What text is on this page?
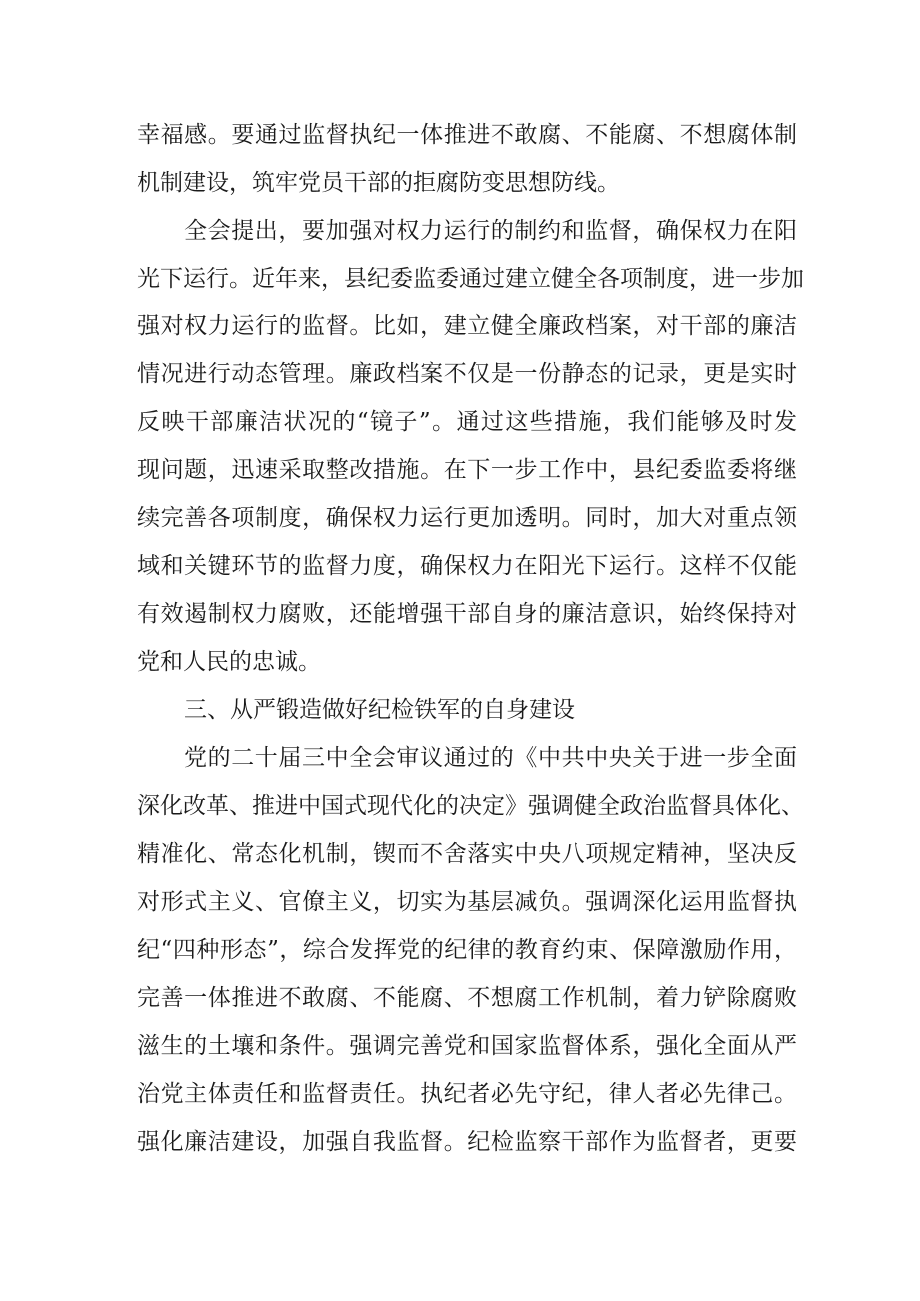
幸福感。要通过监督执纪一体推进不敢腐、不能腐、不想腐体制
机制建设，筑牢党员干部的拒腐防变思想防线。
全会提出，要加强对权力运行的制约和监督，确保权力在阳
光下运行。近年来，县纪委监委通过建立健全各项制度，进一步加
强对权力运行的监督。比如，建立健全廉政档案，对干部的廉洁
情况进行动态管理。廉政档案不仅是一份静态的记录，更是实时
反映干部廉洁状况的“镜子”。通过这些措施，我们能够及时发
现问题，迅速采取整改措施。在下一步工作中，县纪委监委将继
续完善各项制度，确保权力运行更加透明。同时，加大对重点领
域和关键环节的监督力度，确保权力在阳光下运行。这样不仅能
有效遏制权力腐败，还能增强干部自身的廉洁意识，始终保持对
党和人民的忠诚。
三、从严锻造做好纪检铁军的自身建设
党的二十届三中全会审议通过的《中共中央关于进一步全面
深化改革、推进中国式现代化的决定》强调健全政治监督具体化、
精准化、常态化机制，锲而不舍落实中央八项规定精神，坚决反
对形式主义、官僚主义，切实为基层减负。强调深化运用监督执
纪“四种形态”，综合发挥党的纪律的教育约束、保障激励作用，
完善一体推进不敢腐、不能腐、不想腐工作机制，着力铲除腐败
滋生的土壤和条件。强调完善党和国家监督体系，强化全面从严
治党主体责任和监督责任。执纪者必先守纪，律人者必先律己。
强化廉洁建设，加强自我监督。纪检监察干部作为监督者，更要
